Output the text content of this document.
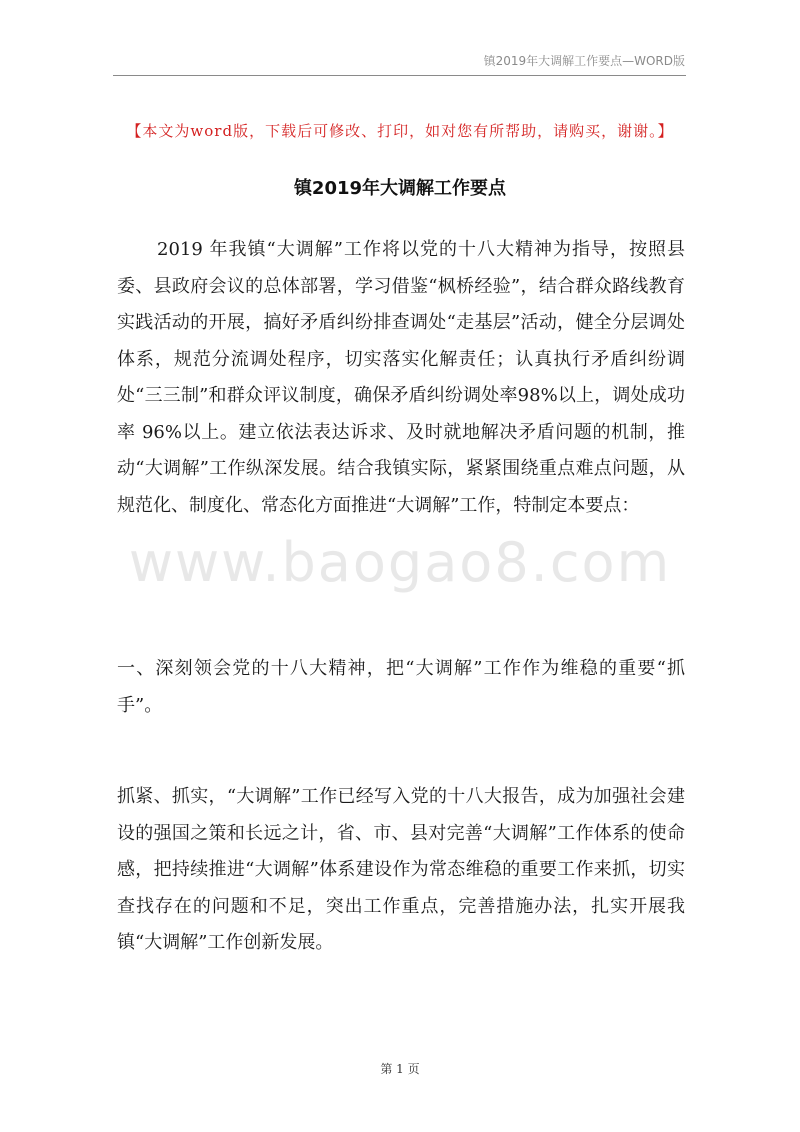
镇2019年大调解工作要点—WORD版
【本文为word版，下载后可修改、打印，如对您有所帮助，请购买，谢谢。】
镇2019年大调解工作要点
www.baogao8.com

2019 年我镇“大调解”工作将以党的十八大精神为指导，按照县委、县政府会议的总体部署，学习借鉴“枫桥经验”，结合群众路线教育实践活动的开展，搞好矛盾纠纷排查调处“走基层”活动，健全分层调处体系，规范分流调处程序，切实落实化解责任；认真执行矛盾纠纷调处“三三制”和群众评议制度，确保矛盾纠纷调处率98%以上，调处成功率 96%以上。建立依法表达诉求、及时就地解决矛盾问题的机制，推动“大调解”工作纵深发展。结合我镇实际，紧紧围绕重点难点问题，从规范化、制度化、常态化方面推进“大调解”工作，特制定本要点：

一、深刻领会党的十八大精神，把“大调解”工作作为维稳的重要“抓手”。

抓紧、抓实，“大调解”工作已经写入党的十八大报告，成为加强社会建设的强国之策和长远之计，省、市、县对完善“大调解”工作体系的使命感，把持续推进“大调解”体系建设作为常态维稳的重要工作来抓，切实查找存在的问题和不足，突出工作重点，完善措施办法，扎实开展我镇“大调解”工作创新发展。

第 1 页
